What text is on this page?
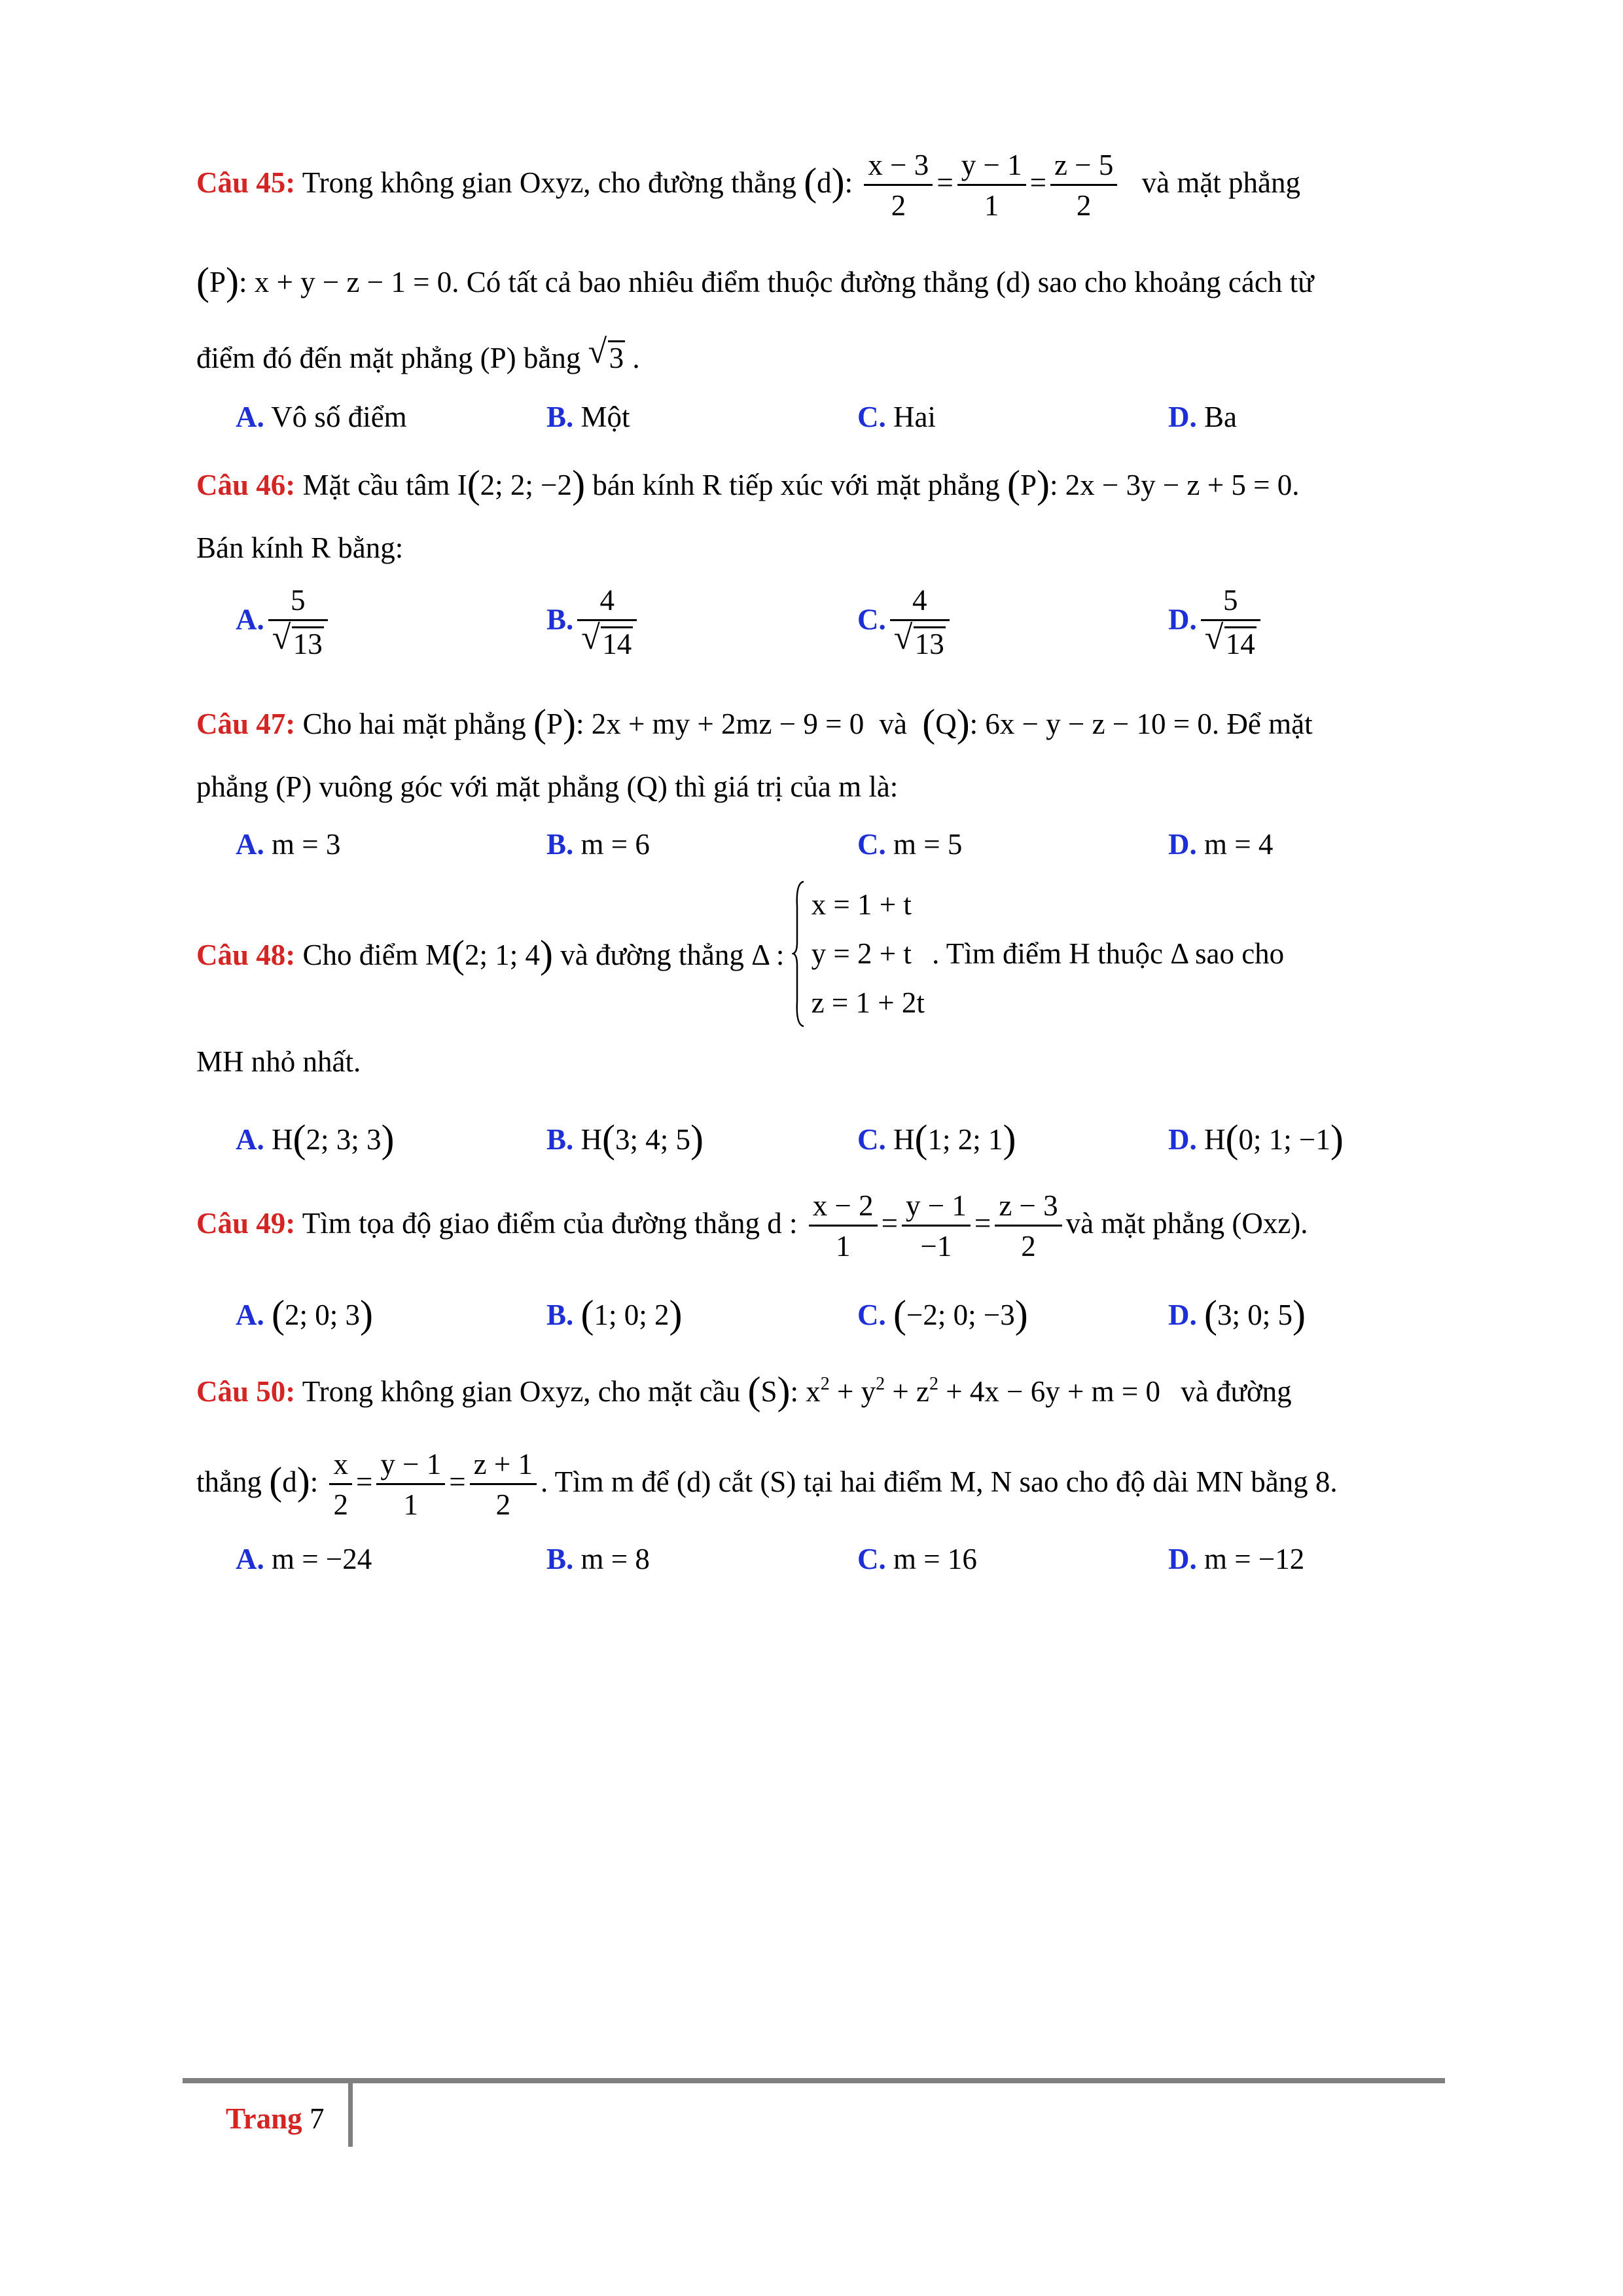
Câu 45: Trong không gian Oxyz, cho đường thẳng (d): $\frac{x - 3}{2} = \frac{y - 1}{1} = \frac{z - 5}{2}$ và mặt phẳng
(P): x + y − z − 1 = 0. Có tất cả bao nhiêu điểm thuộc đường thẳng (d) sao cho khoảng cách từ
điểm đó đến mặt phẳng (P) bằng √ 3 .
A. Vô số điểm	B. Một	C. Hai	D. Ba
Câu 46: Mặt cầu tâm I(2; 2; −2) bán kính R tiếp xúc với mặt phẳng (P): 2x − 3y − z + 5 = 0.
Bán kính R bằng:
A. $\frac{5}{√ 13}$	B. $\frac{4}{√ 14}$	C. $\frac{4}{√ 13}$	D. $\frac{5}{√ 14}$
Câu 47: Cho hai mặt phẳng (P): 2x + my + 2mz − 9 = 0 và (Q): 6x − y − z − 10 = 0. Để mặt
phẳng (P) vuông góc với mặt phẳng (Q) thì giá trị của m là:
A. m = 3	B. m = 6	C. m = 5	D. m = 4
Câu 48: Cho điểm M(2; 1; 4) và đường thẳng Δ :
x = 1 + t
y = 2 + t
z = 1 + 2t
. Tìm điểm H thuộc Δ sao cho
MH nhỏ nhất.
A. H(2; 3; 3)	B. H(3; 4; 5)	C. H(1; 2; 1)	D. H(0; 1; −1)
Câu 49: Tìm tọa độ giao điểm của đường thẳng d : $\frac{x - 2}{1} = \frac{y - 1}{-1} = \frac{z - 3}{2}$ và mặt phẳng (Oxz).
A. (2; 0; 3)	B. (1; 0; 2)	C. (−2; 0; −3)	D. (3; 0; 5)
Câu 50: Trong không gian Oxyz, cho mặt cầu (S): $x^2 + y^2 + z^2 + 4x - 6y + m = 0$ và đường
thẳng (d): $\frac{x}{2} = \frac{y - 1}{1} = \frac{z + 1}{2}$ . Tìm m để (d) cắt (S) tại hai điểm M, N sao cho độ dài MN bằng 8.
A. m = −24	B. m = 8	C. m = 16	D. m = −12
Trang 7
